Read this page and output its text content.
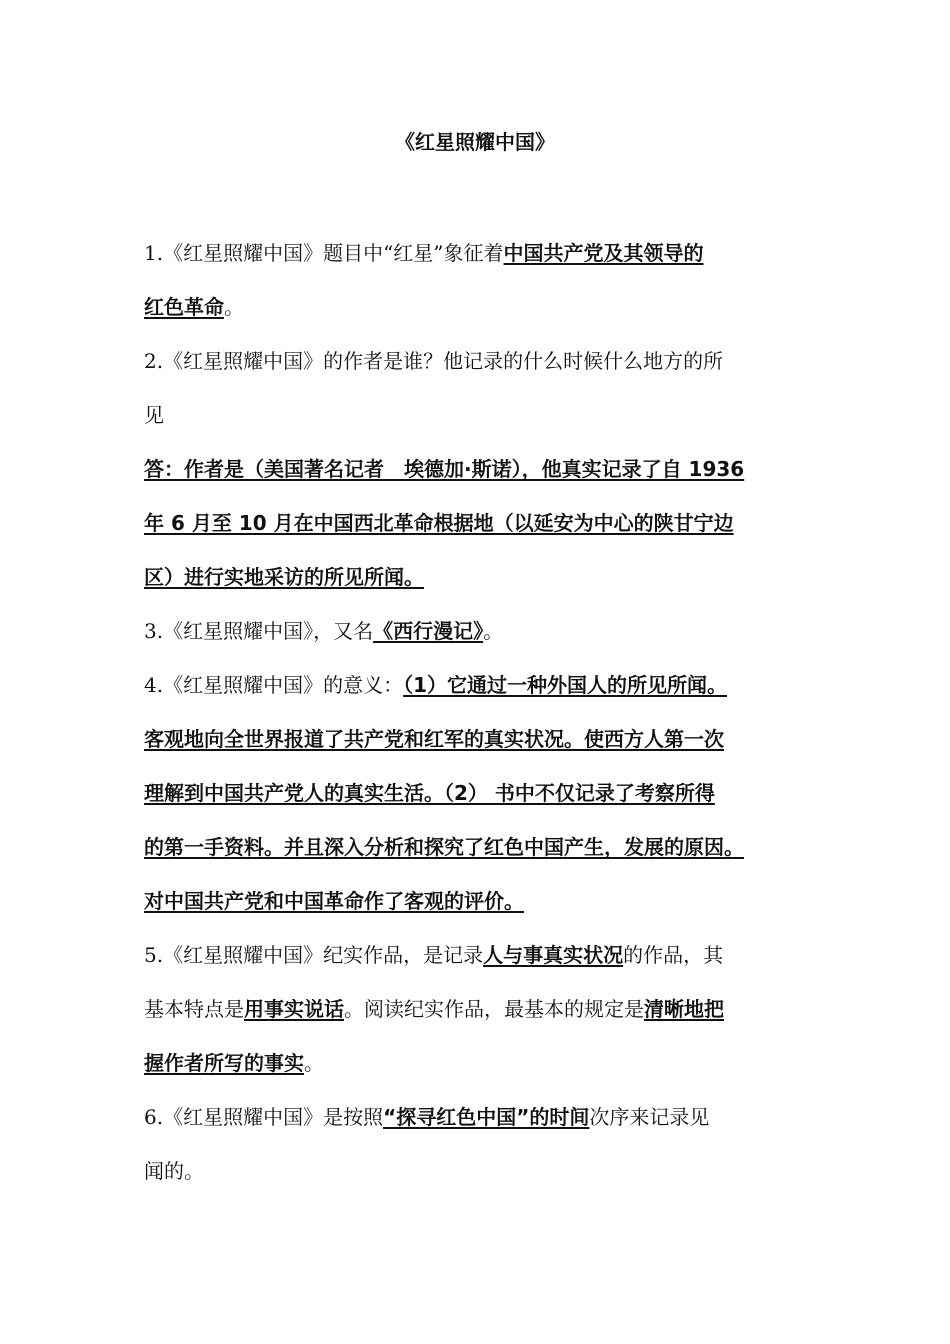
《红星照耀中国》

1.《红星照耀中国》题目中“红星”象征着中国共产党及其领导的

红色革命。

2.《红星照耀中国》的作者是谁？他记录的什么时候什么地方的所

见

答：作者是（美国著名记者　埃德加·斯诺），他真实记录了自 1936

年 6 月至 10 月在中国西北革命根据地（以延安为中心的陕甘宁边

区）进行实地采访的所见所闻。

3.《红星照耀中国》，又名《西行漫记》。

4.《红星照耀中国》的意义：（1）它通过一种外国人的所见所闻。

客观地向全世界报道了共产党和红军的真实状况。使西方人第一次

理解到中国共产党人的真实生活。（2） 书中不仅记录了考察所得

的第一手资料。并且深入分析和探究了红色中国产生，发展的原因。

对中国共产党和中国革命作了客观的评价。

5.《红星照耀中国》纪实作品，是记录人与事真实状况的作品，其

基本特点是用事实说话。阅读纪实作品，最基本的规定是清晰地把

握作者所写的事实。

6.《红星照耀中国》是按照“探寻红色中国”的时间次序来记录见

闻的。
